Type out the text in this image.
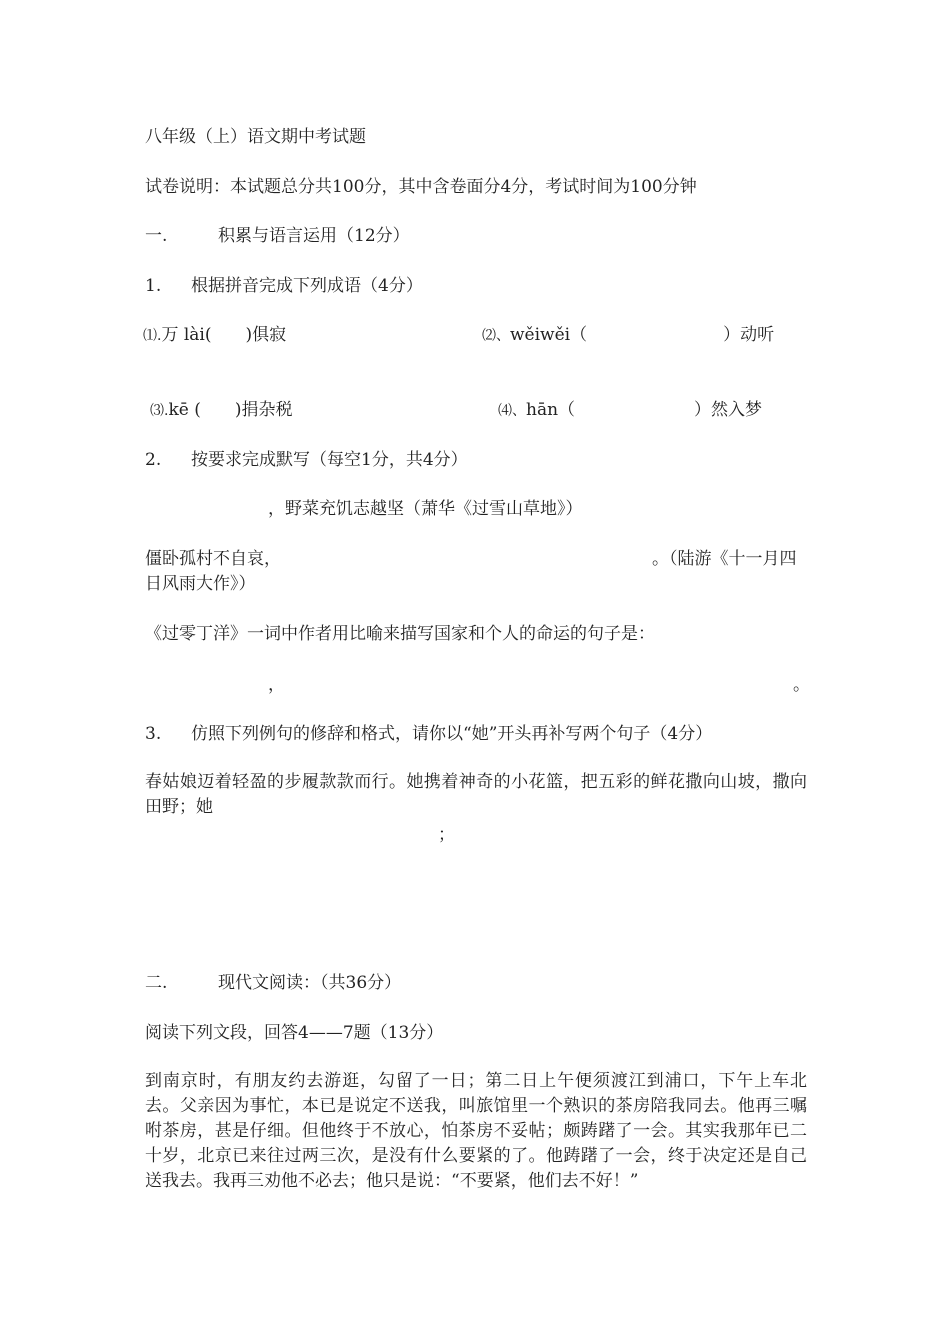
八年级（上）语文期中考试题
试卷说明：本试题总分共100分，其中含卷面分4分，考试时间为100分钟
一.	积累与语言运用（12分）
1. 根据拼音完成下列成语（4分）
⑴.万 lài(　　)俱寂	⑵、wěiwěi（　　　　　　　　）动听
⑶.kē (　　)捐杂税	⑷、hān（　　　　　　　）然入梦
2. 按要求完成默写（每空1分，共4分）
，野菜充饥志越坚（萧华《过雪山草地》）
僵卧孤村不自哀，	。（陆游《十一月四
日风雨大作》）
《过零丁洋》一词中作者用比喻来描写国家和个人的命运的句子是：
，	。
3. 仿照下列例句的修辞和格式，请你以“她”开头再补写两个句子（4分）
春姑娘迈着轻盈的步履款款而行。她携着神奇的小花篮，把五彩的鲜花撒向山坡，撒向田野；她
；
二.	现代文阅读：（共36分）
阅读下列文段，回答4——7题（13分）
到南京时，有朋友约去游逛，勾留了一日；第二日上午便须渡江到浦口，下午上车北去。父亲因为事忙，本已是说定不送我，叫旅馆里一个熟识的茶房陪我同去。他再三嘱咐茶房，甚是仔细。但他终于不放心，怕茶房不妥帖；颇踌躇了一会。其实我那年已二十岁，北京已来往过两三次，是没有什么要紧的了。他踌躇了一会，终于决定还是自己送我去。我再三劝他不必去；他只是说：“不要紧，他们去不好！”
